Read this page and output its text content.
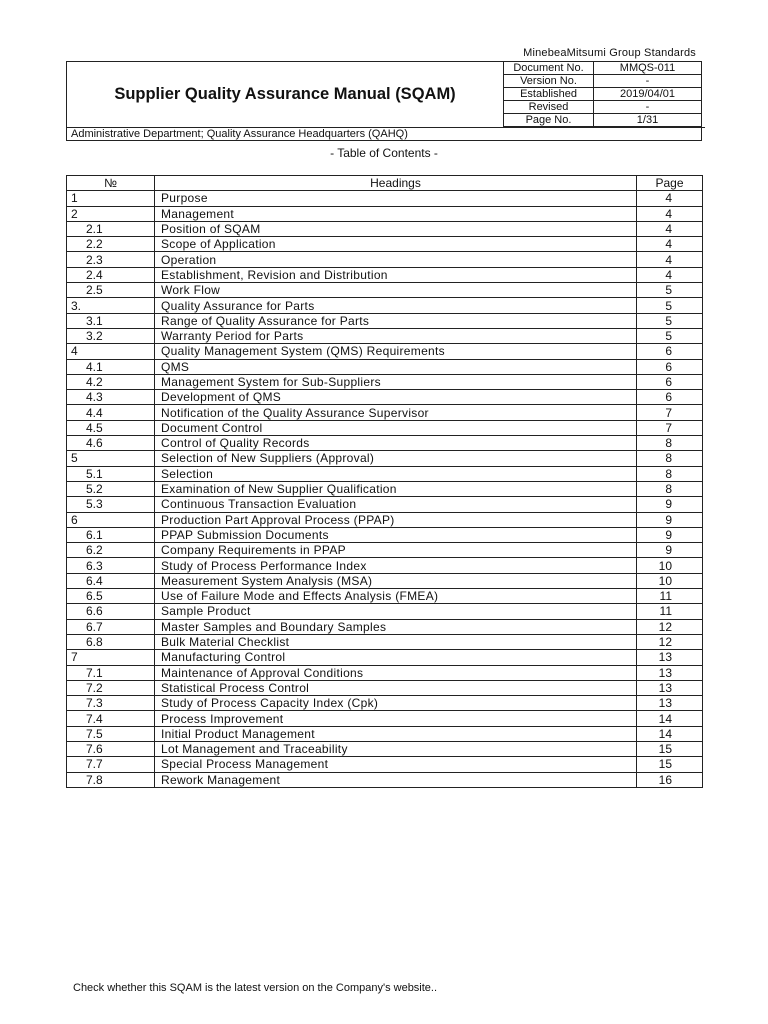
MinebeaMitsumi Group Standards
Supplier Quality Assurance Manual (SQAM)
Document No.	MMQS-011
Version No.	-
Established	2019/04/01
Revised	-
Page No.	1/31
Administrative Department; Quality Assurance Headquarters (QAHQ)
- Table of Contents -
№	Headings	Page
1	Purpose	4
2	Management	4
2.1	Position of SQAM	4
2.2	Scope of Application	4
2.3	Operation	4
2.4	Establishment, Revision and Distribution	4
2.5	Work Flow	5
3.	Quality Assurance for Parts	5
3.1	Range of Quality Assurance for Parts	5
3.2	Warranty Period for Parts	5
4	Quality Management System (QMS) Requirements	6
4.1	QMS	6
4.2	Management System for Sub-Suppliers	6
4.3	Development of QMS	6
4.4	Notification of the Quality Assurance Supervisor	7
4.5	Document Control	7
4.6	Control of Quality Records	8
5	Selection of New Suppliers (Approval)	8
5.1	Selection	8
5.2	Examination of New Supplier Qualification	8
5.3	Continuous Transaction Evaluation	9
6	Production Part Approval Process (PPAP)	9
6.1	PPAP Submission Documents	9
6.2	Company Requirements in PPAP	9
6.3	Study of Process Performance Index	10
6.4	Measurement System Analysis (MSA)	10
6.5	Use of Failure Mode and Effects Analysis (FMEA)	11
6.6	Sample Product	11
6.7	Master Samples and Boundary Samples	12
6.8	Bulk Material Checklist	12
7	Manufacturing Control	13
7.1	Maintenance of Approval Conditions	13
7.2	Statistical Process Control	13
7.3	Study of Process Capacity Index (Cpk)	13
7.4	Process Improvement	14
7.5	Initial Product Management	14
7.6	Lot Management and Traceability	15
7.7	Special Process Management	15
7.8	Rework Management	16
Check whether this SQAM is the latest version on the Company's website..
